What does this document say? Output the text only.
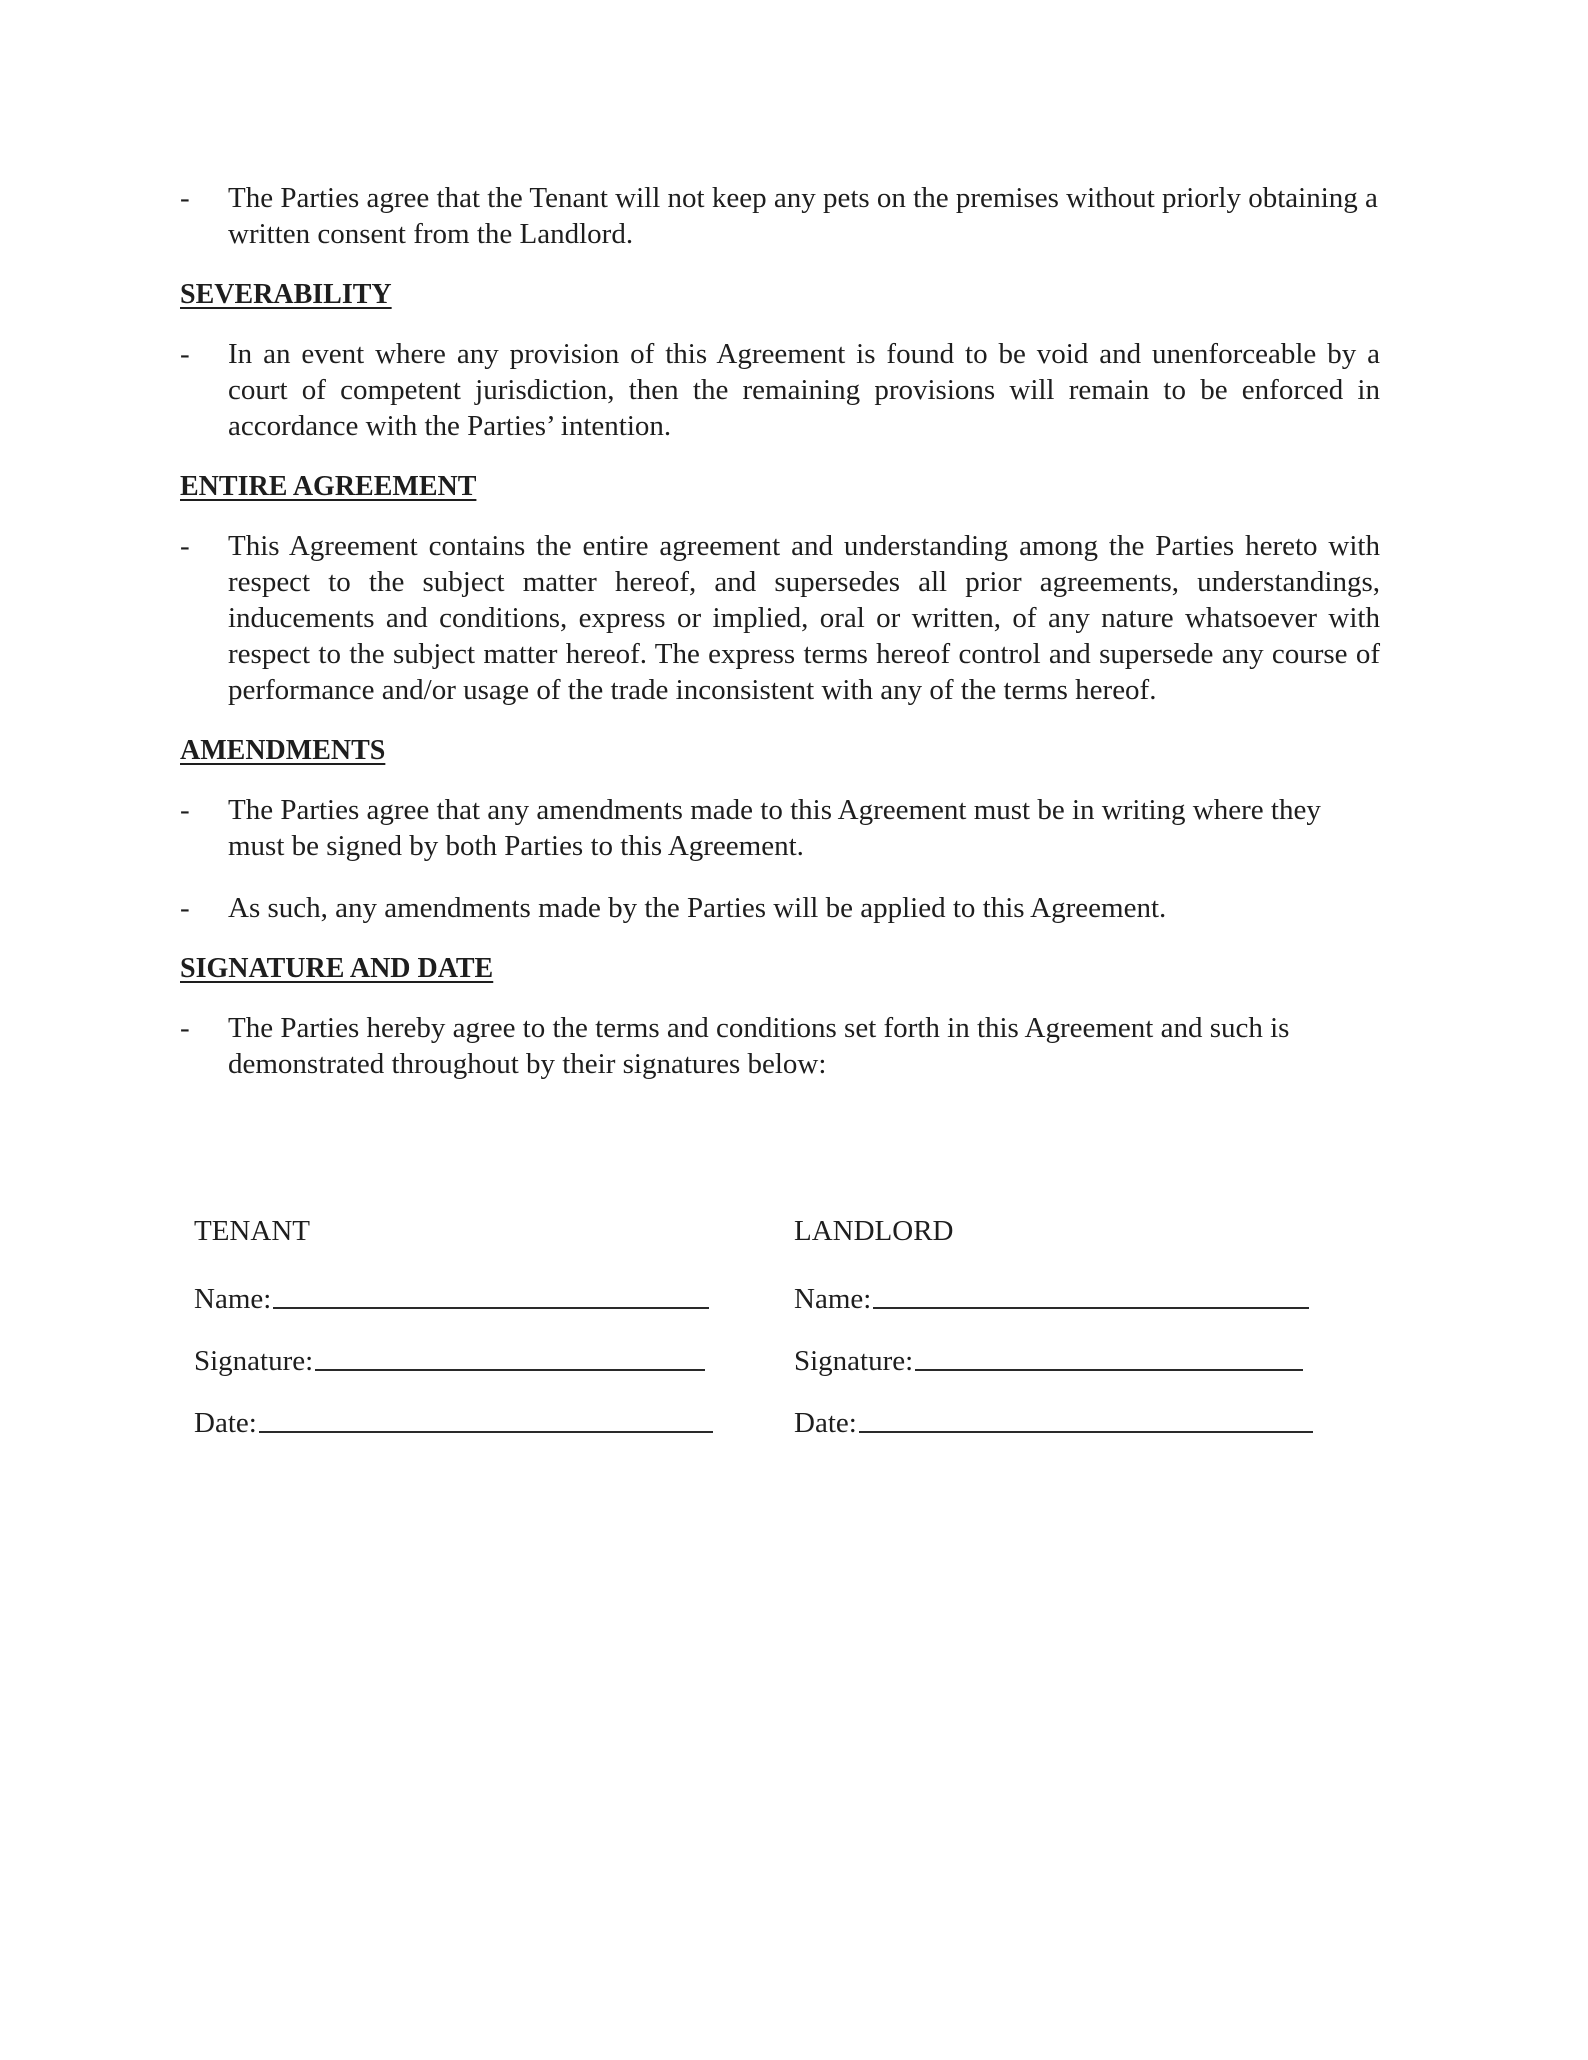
-	The Parties agree that the Tenant will not keep any pets on the premises without priorly obtaining a written consent from the Landlord.
SEVERABILITY
-	In an event where any provision of this Agreement is found to be void and unenforceable by a court of competent jurisdiction, then the remaining provisions will remain to be enforced in accordance with the Parties’ intention.
ENTIRE AGREEMENT
-	This Agreement contains the entire agreement and understanding among the Parties hereto with respect to the subject matter hereof, and supersedes all prior agreements, understandings, inducements and conditions, express or implied, oral or written, of any nature whatsoever with respect to the subject matter hereof. The express terms hereof control and supersede any course of performance and/or usage of the trade inconsistent with any of the terms hereof.
AMENDMENTS
-	The Parties agree that any amendments made to this Agreement must be in writing where they must be signed by both Parties to this Agreement.
-	As such, any amendments made by the Parties will be applied to this Agreement.
SIGNATURE AND DATE
-	The Parties hereby agree to the terms and conditions set forth in this Agreement and such is demonstrated throughout by their signatures below:
TENANT	LANDLORD
Name:	Name:
Signature:	Signature:
Date:	Date:
